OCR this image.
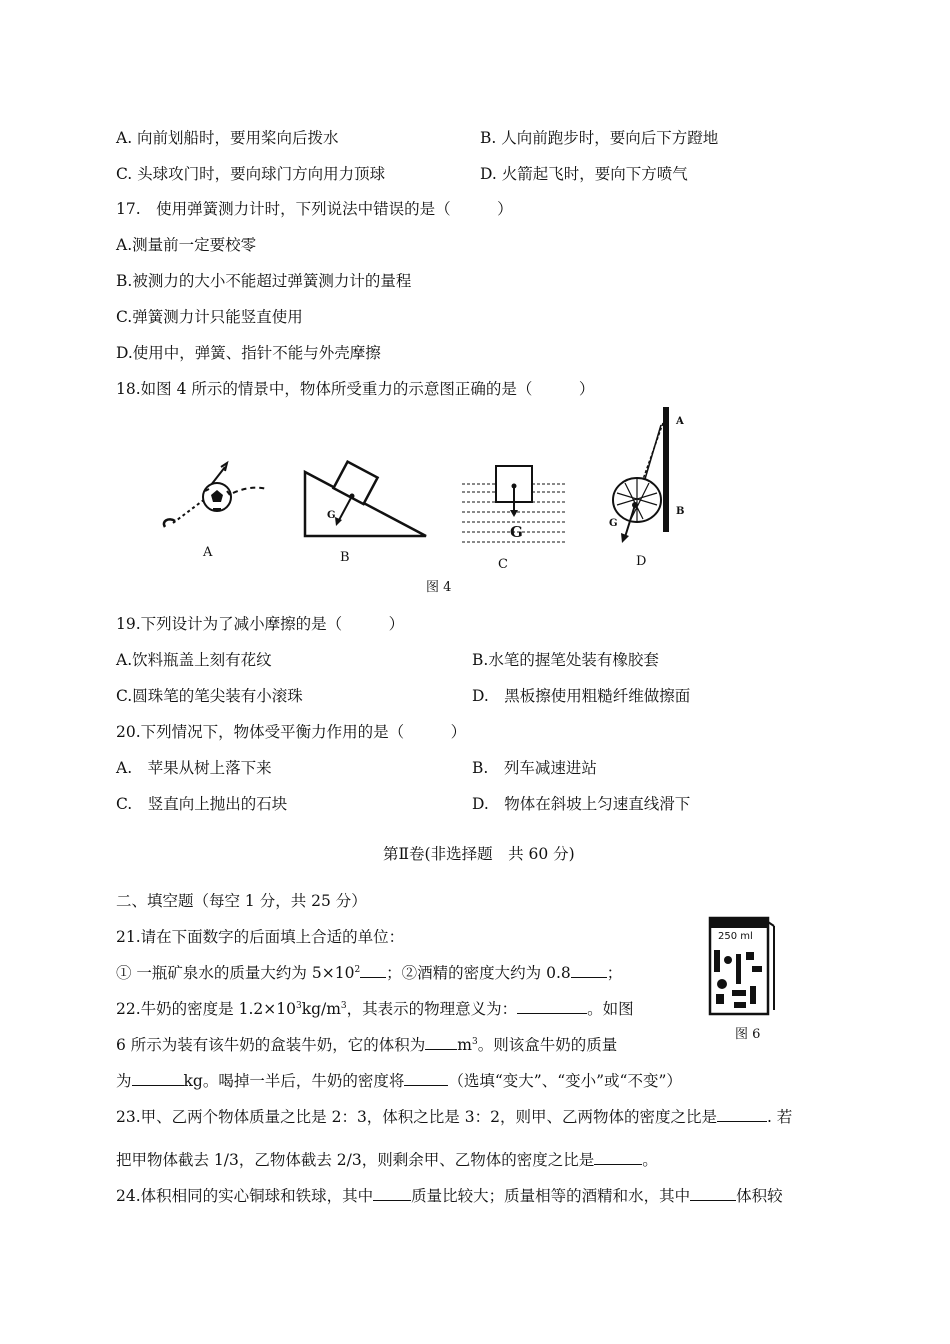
A. 向前划船时，要用桨向后拨水	B. 人向前跑步时，要向后下方蹬地
C. 头球攻门时，要向球门方向用力顶球	D. 火箭起飞时，要向下方喷气
17.　使用弹簧测力计时，下列说法中错误的是（　　　）
A.测量前一定要校零
B.被测力的大小不能超过弹簧测力计的量程
C.弹簧测力计只能竖直使用
D.使用中，弹簧、指针不能与外壳摩擦
18.如图 4 所示的情景中，物体所受重力的示意图正确的是（　　　）
A
G
B
G
C
A
B
G
D
图 4
19.下列设计为了减小摩擦的是（　　　）
A.饮料瓶盖上刻有花纹	B.水笔的握笔处装有橡胶套
C.圆珠笔的笔尖装有小滚珠	D.　黑板擦使用粗糙纤维做擦面
20.下列情况下，物体受平衡力作用的是（　　　）
A.　苹果从树上落下来	B.　列车减速进站
C.　竖直向上抛出的石块	D.　物体在斜坡上匀速直线滑下
第Ⅱ卷(非选择题　共 60 分)
二、填空题（每空 1 分，共 25 分）
21.请在下面数字的后面填上合适的单位：
① 一瓶矿泉水的质量大约为 $5\times 10^2$ ；②酒精的密度大约为 0.8 ；
250 ml
图 6
22.牛奶的密度是 $1.2\times 10^3kg/m^3$，其表示的物理意义为：	。如图
6 所示为装有该牛奶的盒装牛奶，它的体积为 $m^3$。则该盒牛奶的质量
为	kg。喝掉一半后，牛奶的密度将	（选填“变大”、“变小”或“不变”）
23.甲、乙两个物体质量之比是 2：3，体积之比是 3：2，则甲、乙两物体的密度之比是	. 若
把甲物体截去 1/3，乙物体截去 2/3，则剩余甲、乙物体的密度之比是	。
24.体积相同的实心铜球和铁球，其中 质量比较大；质量相等的酒精和水，其中	体积较
